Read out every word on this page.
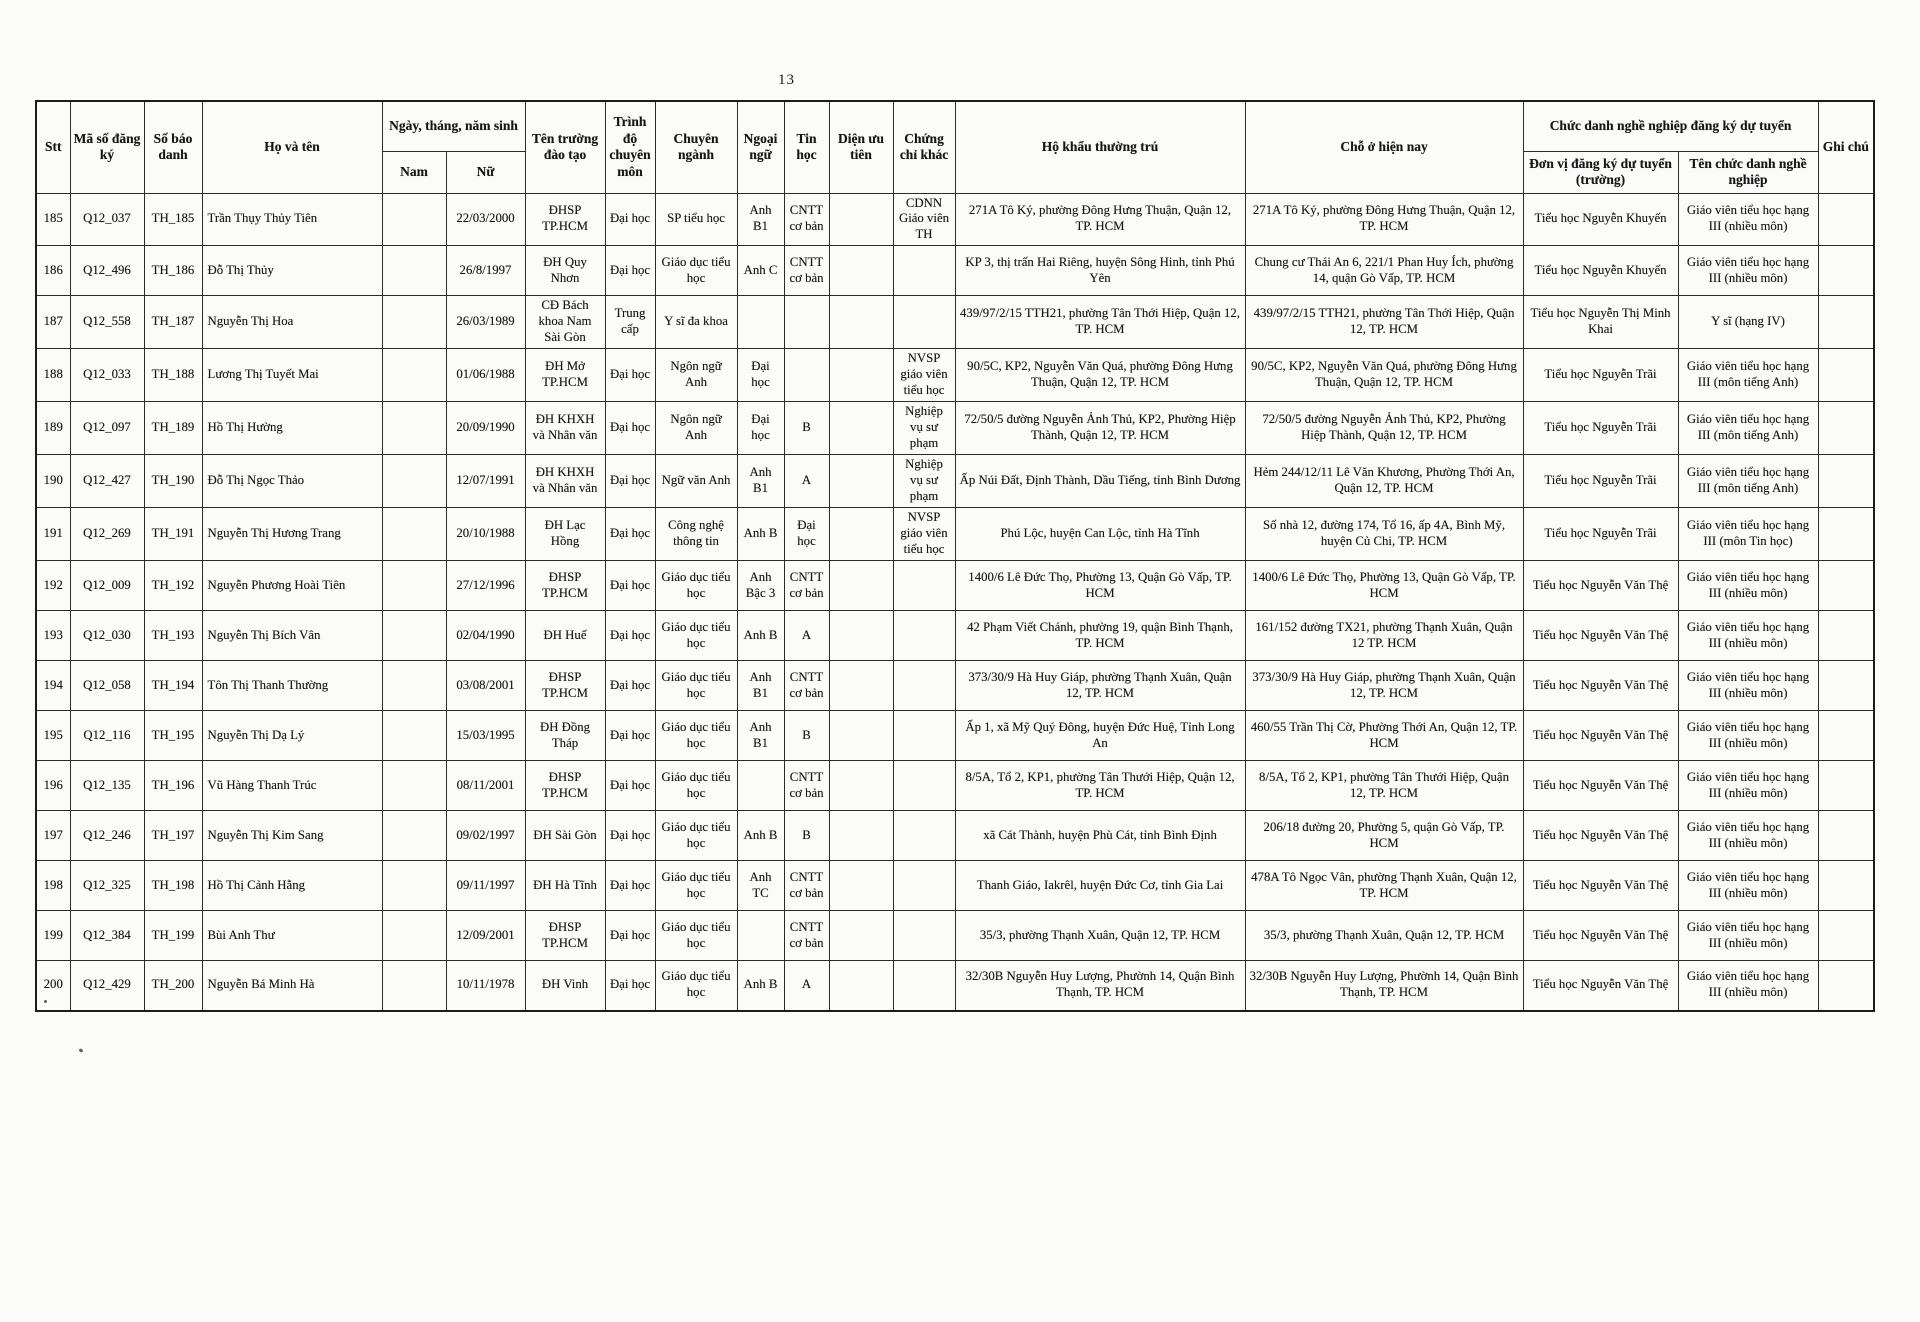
13
Stt	Mã số đăng ký	Số báo danh	Họ và tên	Ngày, tháng, năm sinh		Tên trường đào tạo	Trình độ chuyên môn	Chuyên ngành	Ngoại ngữ	Tin học	Diện ưu tiên	Chứng chỉ khác	Hộ khẩu thường trú	Chỗ ở hiện nay	Chức danh nghề nghiệp đăng ký dự tuyển		Ghi chú
				Nam	Nữ										Đơn vị đăng ký dự tuyển (trường)	Tên chức danh nghề nghiệp	
185	Q12_037	TH_185	Trần Thụy Thủy Tiên		22/03/2000	ĐHSP TP.HCM	Đại học	SP tiểu học	Anh B1	CNTT cơ bản		CDNN Giáo viên TH	271A Tô Ký, phường Đông Hưng Thuận, Quận 12, TP. HCM	271A Tô Ký, phường Đông Hưng Thuận, Quận 12, TP. HCM	Tiểu học Nguyễn Khuyến	Giáo viên tiểu học hạng III (nhiều môn)	
186	Q12_496	TH_186	Đỗ Thị Thủy		26/8/1997	ĐH Quy Nhơn	Đại học	Giáo dục tiểu học	Anh C	CNTT cơ bản			KP 3, thị trấn Hai Riêng, huyện Sông Hinh, tỉnh Phú Yên	Chung cư Thái An 6, 221/1 Phan Huy Ích, phường 14, quận Gò Vấp, TP. HCM	Tiểu học Nguyễn Khuyến	Giáo viên tiểu học hạng III (nhiều môn)	
187	Q12_558	TH_187	Nguyễn Thị Hoa		26/03/1989	CĐ Bách khoa Nam Sài Gòn	Trung cấp	Y sĩ đa khoa					439/97/2/15 TTH21, phường Tân Thới Hiệp, Quận 12, TP. HCM	439/97/2/15 TTH21, phường Tân Thới Hiệp, Quận 12, TP. HCM	Tiểu học Nguyễn Thị Minh Khai	Y sĩ (hạng IV)	
188	Q12_033	TH_188	Lương Thị Tuyết Mai		01/06/1988	ĐH Mở TP.HCM	Đại học	Ngôn ngữ Anh	Đại học			NVSP giáo viên tiểu học	90/5C, KP2, Nguyễn Văn Quá, phường Đông Hưng Thuận, Quận 12, TP. HCM	90/5C, KP2, Nguyễn Văn Quá, phường Đông Hưng Thuận, Quận 12, TP. HCM	Tiểu học Nguyễn Trãi	Giáo viên tiểu học hạng III (môn tiếng Anh)	
189	Q12_097	TH_189	Hồ Thị Hường		20/09/1990	ĐH KHXH và Nhân văn	Đại học	Ngôn ngữ Anh	Đại học	B		Nghiệp vụ sư phạm	72/50/5 đường Nguyễn Ảnh Thủ, KP2, Phường Hiệp Thành, Quận 12, TP. HCM	72/50/5 đường Nguyễn Ảnh Thủ, KP2, Phường Hiệp Thành, Quận 12, TP. HCM	Tiểu học Nguyễn Trãi	Giáo viên tiểu học hạng III (môn tiếng Anh)	
190	Q12_427	TH_190	Đỗ Thị Ngọc Thảo		12/07/1991	ĐH KHXH và Nhân văn	Đại học	Ngữ văn Anh	Anh B1	A		Nghiệp vụ sư phạm	Ấp Núi Đất, Định Thành, Dầu Tiếng, tỉnh Bình Dương	Hẻm 244/12/11 Lê Văn Khương, Phường Thới An, Quận 12, TP. HCM	Tiểu học Nguyễn Trãi	Giáo viên tiểu học hạng III (môn tiếng Anh)	
191	Q12_269	TH_191	Nguyễn Thị Hương Trang		20/10/1988	ĐH Lạc Hồng	Đại học	Công nghệ thông tin	Anh B	Đại học		NVSP giáo viên tiểu học	Phú Lộc, huyện Can Lộc, tỉnh Hà Tĩnh	Số nhà 12, đường 174, Tổ 16, ấp 4A, Bình Mỹ, huyện Củ Chi, TP. HCM	Tiểu học Nguyễn Trãi	Giáo viên tiểu học hạng III (môn Tin học)	
192	Q12_009	TH_192	Nguyễn Phương Hoài Tiên		27/12/1996	ĐHSP TP.HCM	Đại học	Giáo dục tiểu học	Anh Bậc 3	CNTT cơ bản			1400/6 Lê Đức Thọ, Phường 13, Quận Gò Vấp, TP. HCM	1400/6 Lê Đức Thọ, Phường 13, Quận Gò Vấp, TP. HCM	Tiểu học Nguyễn Văn Thệ	Giáo viên tiểu học hạng III (nhiều môn)	
193	Q12_030	TH_193	Nguyễn Thị Bích Vân		02/04/1990	ĐH Huế	Đại học	Giáo dục tiểu học	Anh B	A			42 Phạm Viết Chánh, phường 19, quận Bình Thạnh, TP. HCM	161/152 đường TX21, phường Thạnh Xuân, Quận 12 TP. HCM	Tiểu học Nguyễn Văn Thệ	Giáo viên tiểu học hạng III (nhiều môn)	
194	Q12_058	TH_194	Tôn Thị Thanh Thường		03/08/2001	ĐHSP TP.HCM	Đại học	Giáo dục tiểu học	Anh B1	CNTT cơ bản			373/30/9 Hà Huy Giáp, phường Thạnh Xuân, Quận 12, TP. HCM	373/30/9 Hà Huy Giáp, phường Thạnh Xuân, Quận 12, TP. HCM	Tiểu học Nguyễn Văn Thệ	Giáo viên tiểu học hạng III (nhiều môn)	
195	Q12_116	TH_195	Nguyễn Thị Dạ Lý		15/03/1995	ĐH Đồng Tháp	Đại học	Giáo dục tiểu học	Anh B1	B			Ấp 1, xã Mỹ Quý Đông, huyện Đức Huệ, Tỉnh Long An	460/55 Trần Thị Cờ, Phường Thới An, Quận 12, TP. HCM	Tiểu học Nguyễn Văn Thệ	Giáo viên tiểu học hạng III (nhiều môn)	
196	Q12_135	TH_196	Vũ Hàng Thanh Trúc		08/11/2001	ĐHSP TP.HCM	Đại học	Giáo dục tiểu học		CNTT cơ bản			8/5A, Tổ 2, KP1, phường Tân Thưới Hiệp, Quận 12, TP. HCM	8/5A, Tổ 2, KP1, phường Tân Thưới Hiệp, Quận 12, TP. HCM	Tiểu học Nguyễn Văn Thệ	Giáo viên tiểu học hạng III (nhiều môn)	
197	Q12_246	TH_197	Nguyễn Thị Kim Sang		09/02/1997	ĐH Sài Gòn	Đại học	Giáo dục tiểu học	Anh B	B			xã Cát Thành, huyện Phù Cát, tỉnh Bình Định	206/18 đường 20, Phường 5, quận Gò Vấp, TP. HCM	Tiểu học Nguyễn Văn Thệ	Giáo viên tiểu học hạng III (nhiều môn)	
198	Q12_325	TH_198	Hồ Thị Cảnh Hằng		09/11/1997	ĐH Hà Tĩnh	Đại học	Giáo dục tiểu học	Anh TC	CNTT cơ bản			Thanh Giáo, Iakrêl, huyện Đức Cơ, tỉnh Gia Lai	478A Tô Ngọc Vân, phường Thạnh Xuân, Quận 12, TP. HCM	Tiểu học Nguyễn Văn Thệ	Giáo viên tiểu học hạng III (nhiều môn)	
199	Q12_384	TH_199	Bùi Anh Thư		12/09/2001	ĐHSP TP.HCM	Đại học	Giáo dục tiểu học		CNTT cơ bản			35/3, phường Thạnh Xuân, Quận 12, TP. HCM	35/3, phường Thạnh Xuân, Quận 12, TP. HCM	Tiểu học Nguyễn Văn Thệ	Giáo viên tiểu học hạng III (nhiều môn)	
200	Q12_429	TH_200	Nguyễn Bá Minh Hà		10/11/1978	ĐH Vinh	Đại học	Giáo dục tiểu học	Anh B	A			32/30B Nguyễn Huy Lượng, Phườnh 14, Quận Bình Thạnh, TP. HCM	32/30B Nguyễn Huy Lượng, Phườnh 14, Quận Bình Thạnh, TP. HCM	Tiểu học Nguyễn Văn Thệ	Giáo viên tiểu học hạng III (nhiều môn)	
